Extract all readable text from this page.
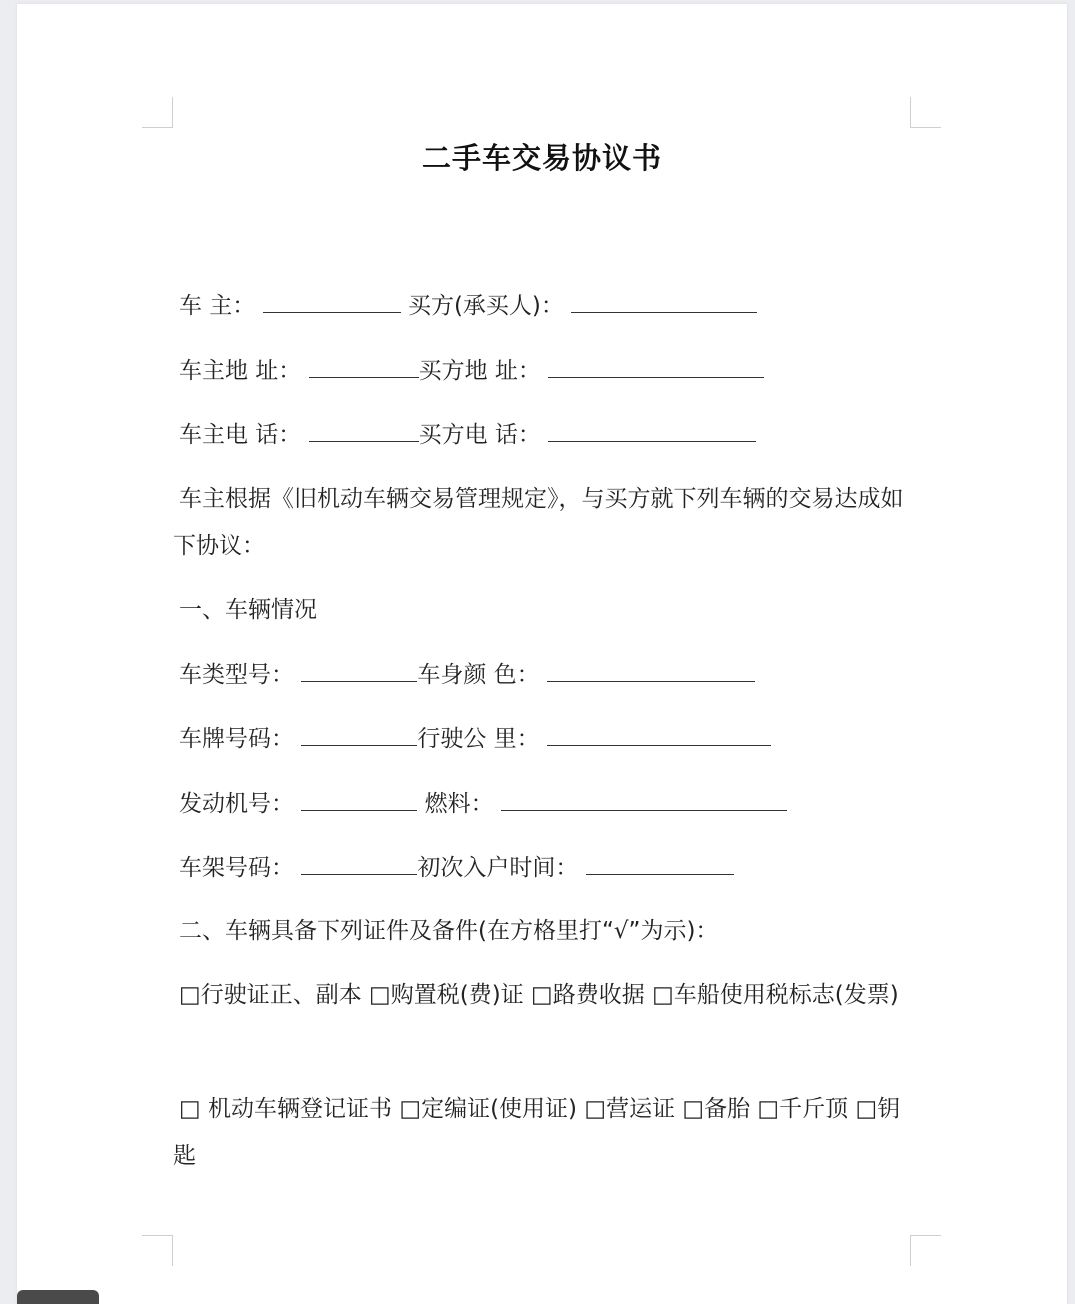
二手车交易协议书
车 主：	买方(承买人)：
车主地 址：	买方地 址：
车主电 话：	买方电 话：
车主根据《旧机动车辆交易管理规定》，与买方就下列车辆的交易达成如下协议：
一、车辆情况
车类型号：	车身颜 色：
车牌号码：	行驶公 里：
发动机号：	燃料：
车架号码：	初次入户时间：
二、车辆具备下列证件及备件(在方格里打“√”为示)：
□行驶证正、副本 □购置税(费)证 □路费收据 □车船使用税标志(发票)
□ 机动车辆登记证书 □定编证(使用证) □营运证 □备胎 □千斤顶 □钥匙
